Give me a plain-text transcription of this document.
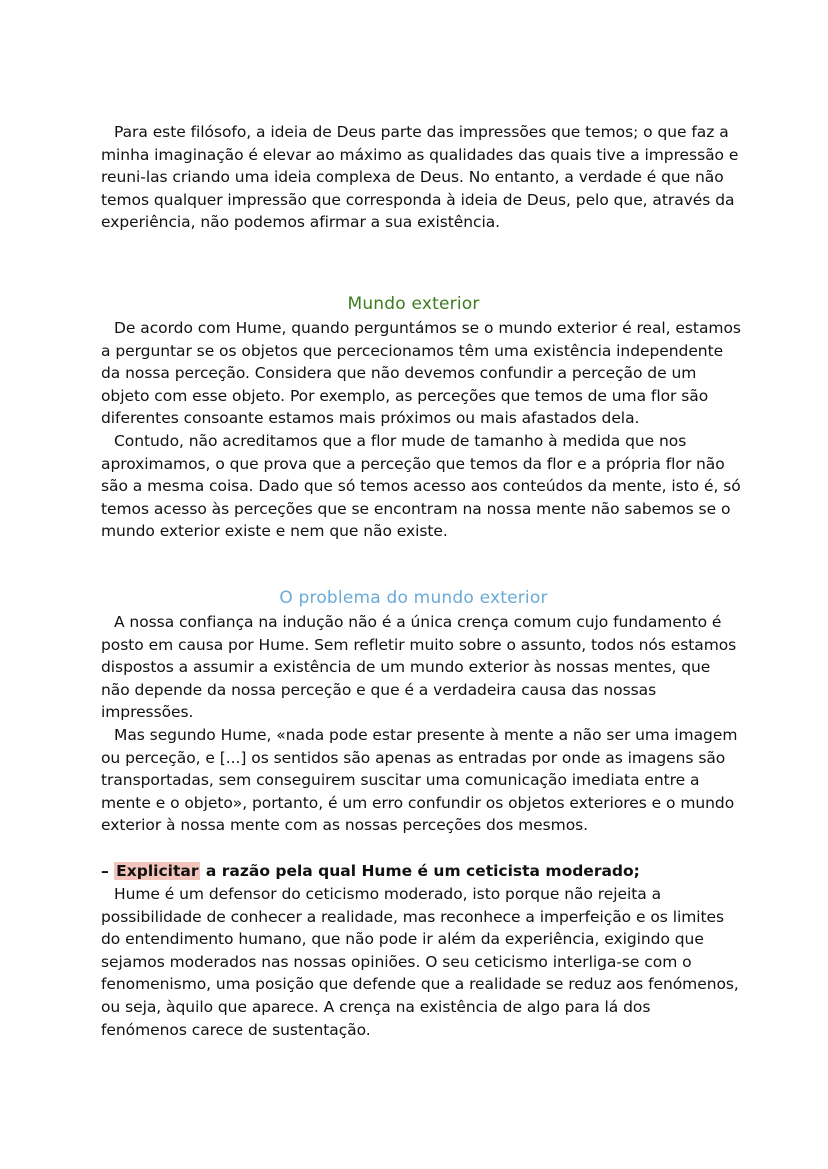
Para este filósofo, a ideia de Deus parte das impressões que temos; o que faz a minha imaginação é elevar ao máximo as qualidades das quais tive a impressão e reuni-las criando uma ideia complexa de Deus. No entanto, a verdade é que não temos qualquer impressão que corresponda à ideia de Deus, pelo que, através da experiência, não podemos afirmar a sua existência.

Mundo exterior

De acordo com Hume, quando perguntámos se o mundo exterior é real, estamos a perguntar se os objetos que percecionamos têm uma existência independente da nossa perceção. Considera que não devemos confundir a perceção de um objeto com esse objeto. Por exemplo, as perceções que temos de uma flor são diferentes consoante estamos mais próximos ou mais afastados dela.

Contudo, não acreditamos que a flor mude de tamanho à medida que nos aproximamos, o que prova que a perceção que temos da flor e a própria flor não são a mesma coisa. Dado que só temos acesso aos conteúdos da mente, isto é, só temos acesso às perceções que se encontram na nossa mente não sabemos se o mundo exterior existe e nem que não existe.

O problema do mundo exterior

A nossa confiança na indução não é a única crença comum cujo fundamento é posto em causa por Hume. Sem refletir muito sobre o assunto, todos nós estamos dispostos a assumir a existência de um mundo exterior às nossas mentes, que não depende da nossa perceção e que é a verdadeira causa das nossas impressões.

Mas segundo Hume, «nada pode estar presente à mente a não ser uma imagem ou perceção, e [...] os sentidos são apenas as entradas por onde as imagens são transportadas, sem conseguirem suscitar uma comunicação imediata entre a mente e o objeto», portanto, é um erro confundir os objetos exteriores e o mundo exterior à nossa mente com as nossas perceções dos mesmos.

– Explicitar a razão pela qual Hume é um ceticista moderado;

Hume é um defensor do ceticismo moderado, isto porque não rejeita a possibilidade de conhecer a realidade, mas reconhece a imperfeição e os limites do entendimento humano, que não pode ir além da experiência, exigindo que sejamos moderados nas nossas opiniões. O seu ceticismo interliga-se com o fenomenismo, uma posição que defende que a realidade se reduz aos fenómenos, ou seja, àquilo que aparece. A crença na existência de algo para lá dos fenómenos carece de sustentação.
